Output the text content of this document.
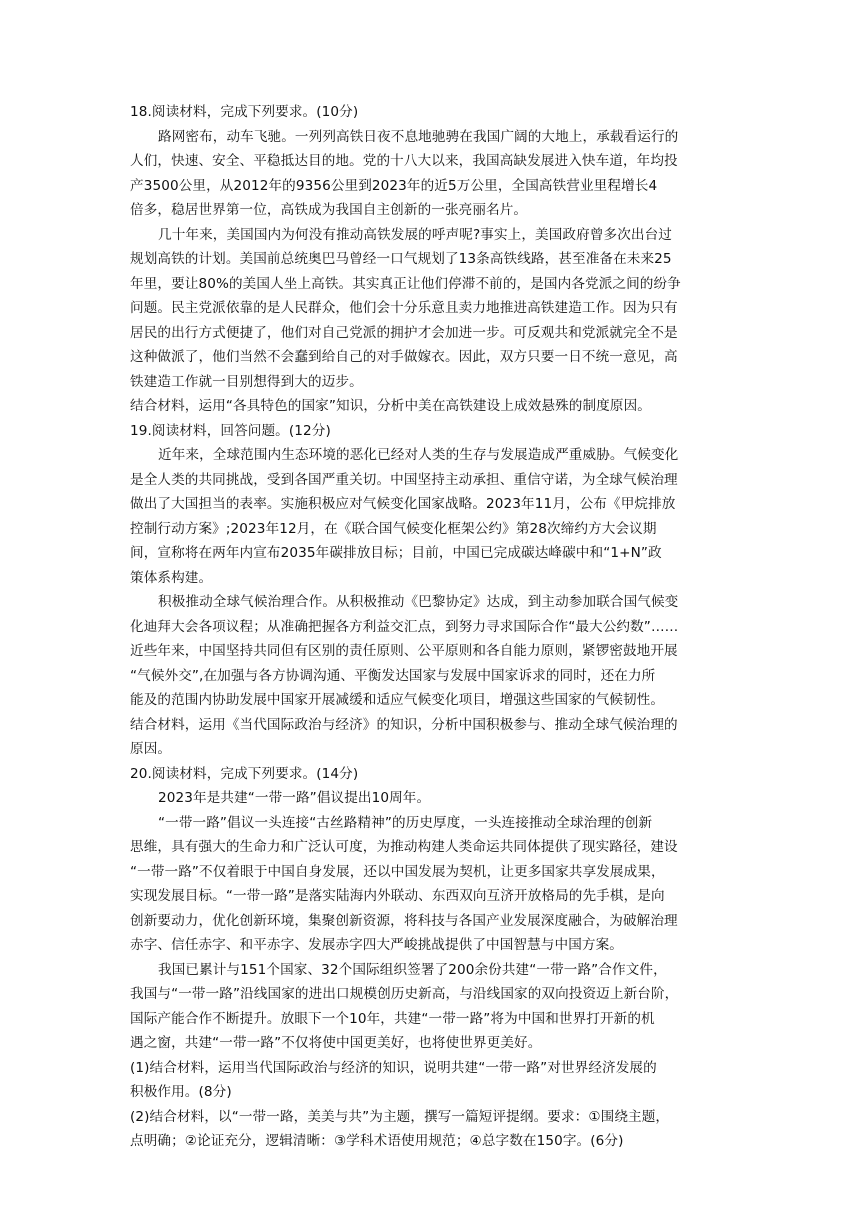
18.阅读材料，完成下列要求。(10分)
路网密布，动车飞驰。一列列高铁日夜不息地驰骋在我国广阔的大地上，承载看运行的
人们，快速、安全、平稳抵达目的地。党的十八大以来，我国高缺发展进入快车道，年均投
产3500公里，从2012年的9356公里到2023年的近5万公里，全国高铁营业里程增长4
倍多，稳居世界第一位，高铁成为我国自主创新的一张亮丽名片。
几十年来，美国国内为何没有推动高铁发展的呼声呢?事实上，美国政府曾多次出台过
规划高铁的计划。美国前总统奥巴马曾经一口气规划了13条高铁线路，甚至准备在未来25
年里，要让80%的美国人坐上高铁。其实真正让他们停滞不前的，是国内各党派之间的纷争
问题。民主党派依靠的是人民群众，他们会十分乐意且卖力地推进高铁建造工作。因为只有
居民的出行方式便捷了，他们对自己党派的拥护才会加进一步。可反观共和党派就完全不是
这种做派了，他们当然不会蠢到给自己的对手做嫁衣。因此，双方只要一日不统一意见，高
铁建造工作就一目别想得到大的迈步。
结合材料，运用“各具特色的国家”知识，分析中美在高铁建设上成效悬殊的制度原因。
19.阅读材料，回答问题。(12分)
近年来，全球范围内生态环境的恶化已经对人类的生存与发展造成严重威胁。气候变化
是全人类的共同挑战，受到各国严重关切。中国坚持主动承担、重信守诺，为全球气候治理
做出了大国担当的表率。实施积极应对气候变化国家战略。2023年11月，公布《甲烷排放
控制行动方案》;2023年12月，在《联合国气候变化框架公约》第28次缔约方大会议期
间，宣称将在两年内宣布2035年碳排放目标；目前，中国已完成碳达峰碳中和“1+N”政
策体系构建。
积极推动全球气候治理合作。从积极推动《巴黎协定》达成，到主动参加联合国气候变
化迪拜大会各项议程；从准确把握各方利益交汇点，到努力寻求国际合作“最大公约数”……
近些年来，中国坚持共同但有区别的责任原则、公平原则和各自能力原则，紧锣密鼓地开展
“气候外交”,在加强与各方协调沟通、平衡发达国家与发展中国家诉求的同时，还在力所
能及的范围内协助发展中国家开展减缓和适应气候变化项目，增强这些国家的气候韧性。
结合材料，运用《当代国际政治与经济》的知识，分析中国积极参与、推动全球气候治理的
原因。
20.阅读材料，完成下列要求。(14分)
2023年是共建“一带一路”倡议提出10周年。
“一带一路”倡议一头连接“古丝路精神”的历史厚度，一头连接推动全球治理的创新
思维，具有强大的生命力和广泛认可度，为推动构建人类命运共同体提供了现实路径，建设
“一带一路”不仅着眼于中国自身发展，还以中国发展为契机，让更多国家共享发展成果，
实现发展目标。“一带一路”是落实陆海内外联动、东西双向互济开放格局的先手棋，是向
创新要动力，优化创新环境，集聚创新资源，将科技与各国产业发展深度融合，为破解治理
赤字、信任赤字、和平赤字、发展赤字四大严峻挑战提供了中国智慧与中国方案。
我国已累计与151个国家、32个国际组织签署了200余份共建“一带一路”合作文件，
我国与“一带一路”沿线国家的进出口规模创历史新高，与沿线国家的双向投资迈上新台阶，
国际产能合作不断提升。放眼下一个10年，共建“一带一路”将为中国和世界打开新的机
遇之窗，共建“一带一路”不仅将使中国更美好，也将使世界更美好。
(1)结合材料，运用当代国际政治与经济的知识，说明共建“一带一路”对世界经济发展的
积极作用。(8分)
(2)结合材料，以“一带一路，美美与共”为主题，撰写一篇短评提纲。要求：①围绕主题，
点明确；②论证充分，逻辑清晰：③学科术语使用规范；④总字数在150字。(6分)
